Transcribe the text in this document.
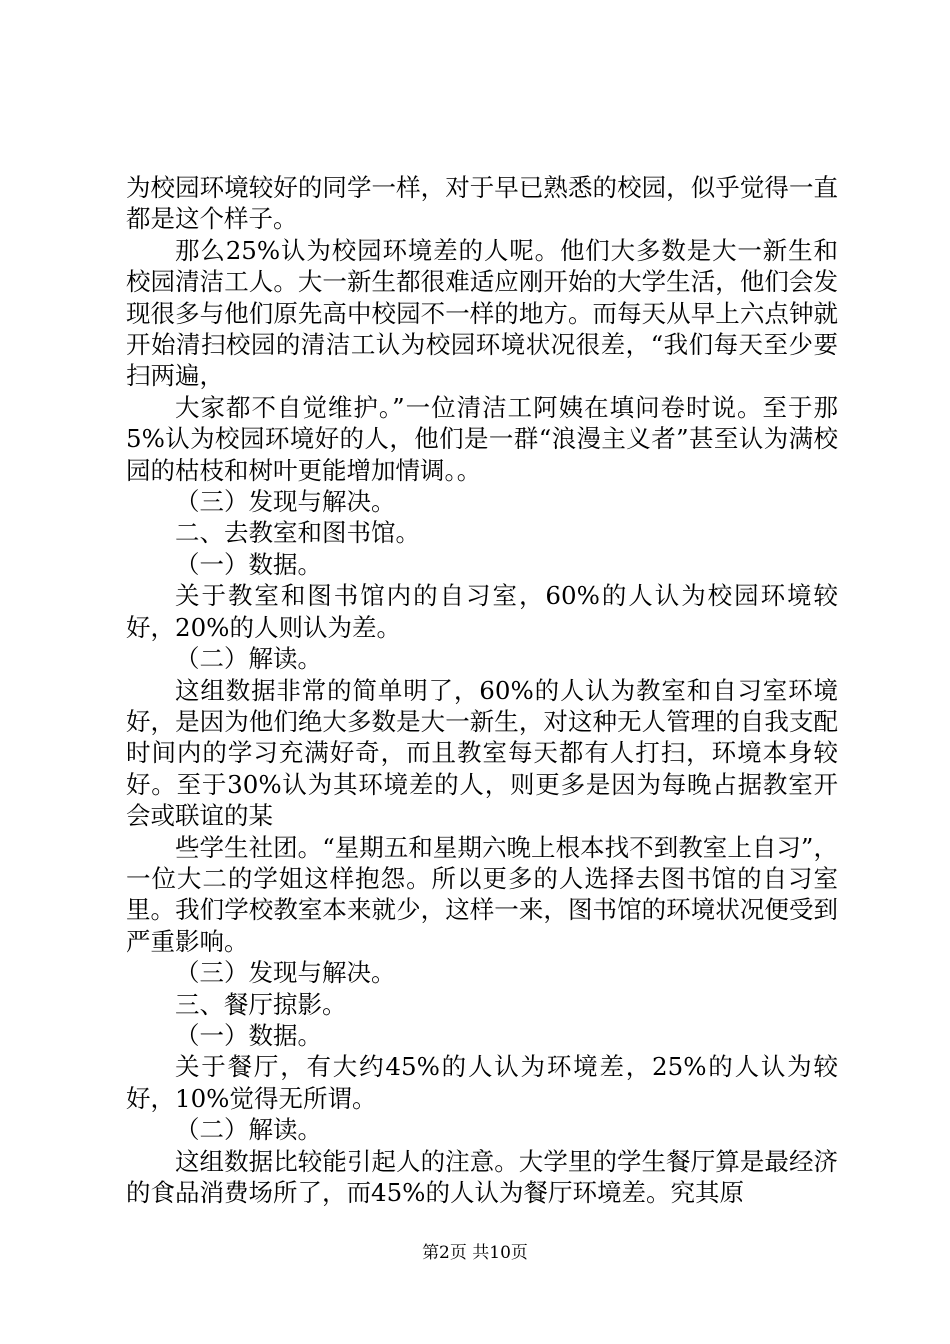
为校园环境较好的同学一样，对于早已熟悉的校园，似乎觉得一直都是这个样子。

那么25%认为校园环境差的人呢。他们大多数是大一新生和校园清洁工人。大一新生都很难适应刚开始的大学生活，他们会发现很多与他们原先高中校园不一样的地方。而每天从早上六点钟就开始清扫校园的清洁工认为校园环境状况很差，“我们每天至少要扫两遍，

大家都不自觉维护。”一位清洁工阿姨在填问卷时说。至于那5%认为校园环境好的人，他们是一群“浪漫主义者”甚至认为满校园的枯枝和树叶更能增加情调。。

（三）发现与解决。

二、去教室和图书馆。

（一）数据。

关于教室和图书馆内的自习室，60%的人认为校园环境较好，20%的人则认为差。

（二）解读。

这组数据非常的简单明了，60%的人认为教室和自习室环境好，是因为他们绝大多数是大一新生，对这种无人管理的自我支配时间内的学习充满好奇，而且教室每天都有人打扫，环境本身较好。至于30%认为其环境差的人，则更多是因为每晚占据教室开会或联谊的某

些学生社团。“星期五和星期六晚上根本找不到教室上自习”，一位大二的学姐这样抱怨。所以更多的人选择去图书馆的自习室里。我们学校教室本来就少，这样一来，图书馆的环境状况便受到严重影响。

（三）发现与解决。

三、餐厅掠影。

（一）数据。

关于餐厅，有大约45%的人认为环境差，25%的人认为较好，10%觉得无所谓。

（二）解读。

这组数据比较能引起人的注意。大学里的学生餐厅算是最经济的食品消费场所了，而45%的人认为餐厅环境差。究其原

第2页 共10页
